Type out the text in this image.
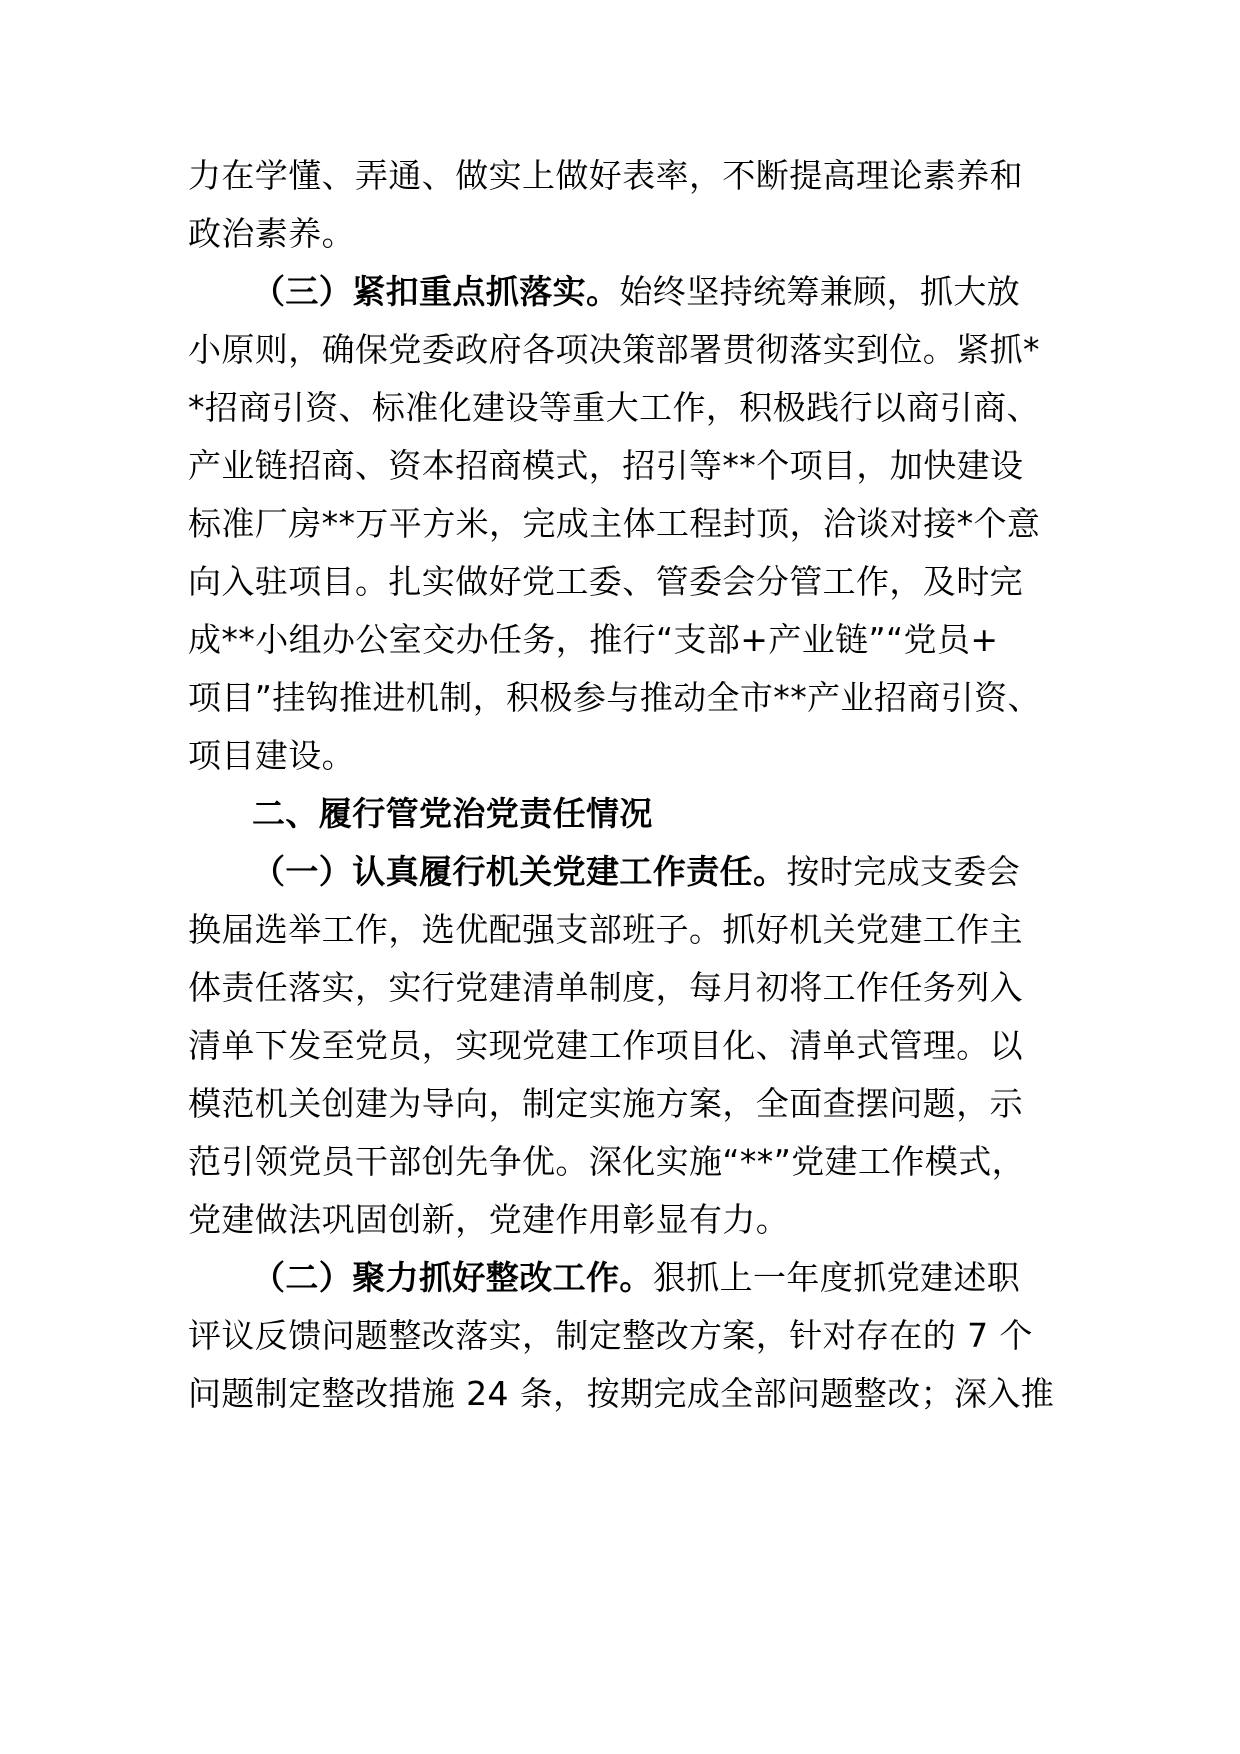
力在学懂、弄通、做实上做好表率，不断提高理论素养和
政治素养。
（三）紧扣重点抓落实。始终坚持统筹兼顾，抓大放
小原则，确保党委政府各项决策部署贯彻落实到位。紧抓*
*招商引资、标准化建设等重大工作，积极践行以商引商、
产业链招商、资本招商模式，招引等**个项目，加快建设
标准厂房**万平方米，完成主体工程封顶，洽谈对接*个意
向入驻项目。扎实做好党工委、管委会分管工作，及时完
成**小组办公室交办任务，推行“支部+产业链”“党员+
项目”挂钩推进机制，积极参与推动全市**产业招商引资、
项目建设。
二、履行管党治党责任情况
（一）认真履行机关党建工作责任。按时完成支委会
换届选举工作，选优配强支部班子。抓好机关党建工作主
体责任落实，实行党建清单制度，每月初将工作任务列入
清单下发至党员，实现党建工作项目化、清单式管理。以
模范机关创建为导向，制定实施方案，全面查摆问题，示
范引领党员干部创先争优。深化实施“**”党建工作模式，
党建做法巩固创新，党建作用彰显有力。
（二）聚力抓好整改工作。狠抓上一年度抓党建述职
评议反馈问题整改落实，制定整改方案，针对存在的 7 个
问题制定整改措施 24 条，按期完成全部问题整改；深入推
